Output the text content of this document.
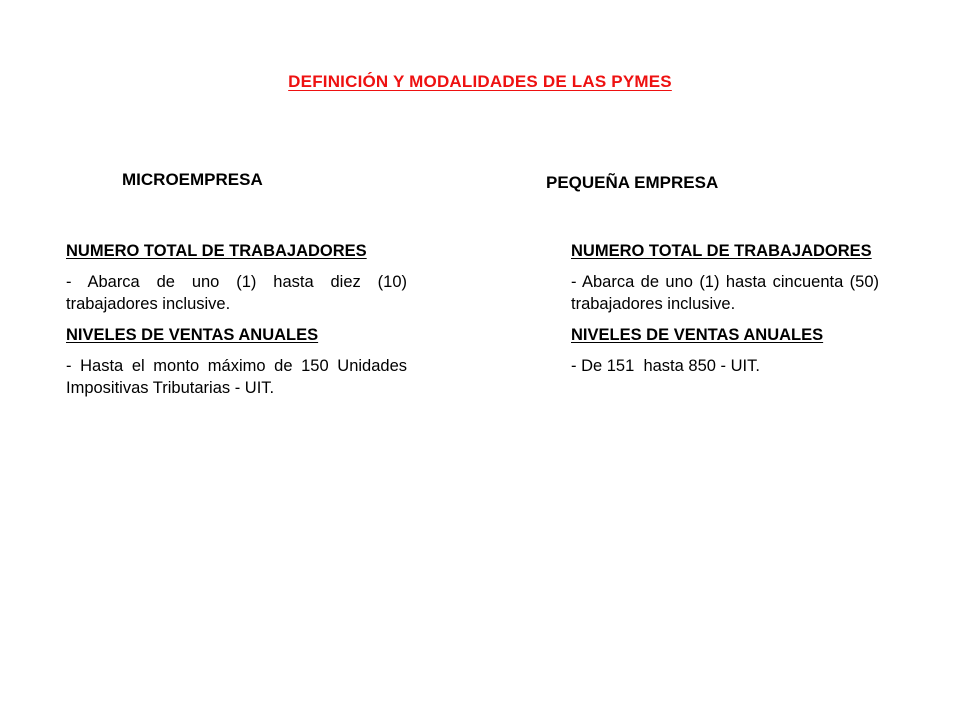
DEFINICIÓN Y MODALIDADES DE LAS PYMES
MICROEMPRESA	PEQUEÑA EMPRESA
NUMERO TOTAL DE TRABAJADORES
- Abarca de uno (1) hasta diez (10) trabajadores inclusive.
NIVELES DE VENTAS ANUALES
- Hasta el monto máximo de 150 Unidades Impositivas Tributarias - UIT.
NUMERO TOTAL DE TRABAJADORES
- Abarca de uno (1) hasta cincuenta (50) trabajadores inclusive.
NIVELES DE VENTAS ANUALES
- De 151  hasta 850 - UIT.
